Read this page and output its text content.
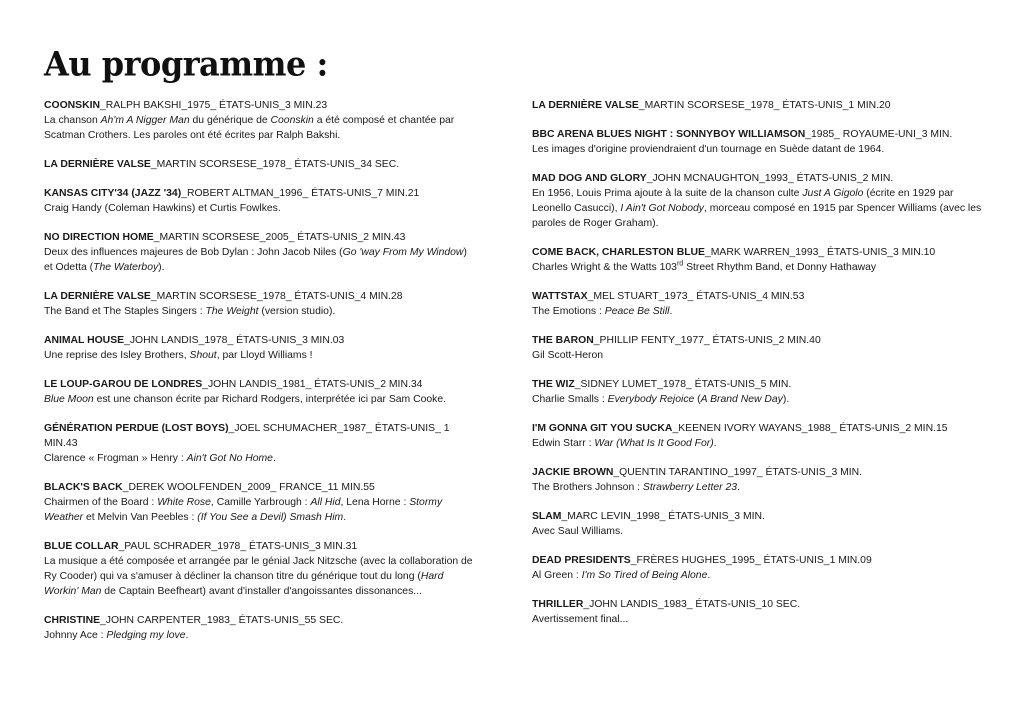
Au programme :
COONSKIN_RALPH BAKSHI_1975_ ÉTATS-UNIS_3 MIN.23
La chanson Ah'm A Nigger Man du générique de Coonskin a été composé et chantée par Scatman Crothers. Les paroles ont été écrites par Ralph Bakshi.
LA DERNIÈRE VALSE_MARTIN SCORSESE_1978_ ÉTATS-UNIS_34 SEC.
KANSAS CITY'34 (JAZZ '34)_ROBERT ALTMAN_1996_ ÉTATS-UNIS_7 MIN.21
Craig Handy (Coleman Hawkins) et Curtis Fowlkes.
NO DIRECTION HOME_MARTIN SCORSESE_2005_ ÉTATS-UNIS_2 MIN.43
Deux des influences majeures de Bob Dylan : John Jacob Niles (Go 'way From My Window) et Odetta (The Waterboy).
LA DERNIÈRE VALSE_MARTIN SCORSESE_1978_ ÉTATS-UNIS_4 MIN.28
The Band et The Staples Singers : The Weight (version studio).
ANIMAL HOUSE_JOHN LANDIS_1978_ ÉTATS-UNIS_3 MIN.03
Une reprise des Isley Brothers, Shout, par Lloyd Williams !
LE LOUP-GAROU DE LONDRES_JOHN LANDIS_1981_ ÉTATS-UNIS_2 MIN.34
Blue Moon est une chanson écrite par Richard Rodgers, interprétée ici par Sam Cooke.
GÉNÉRATION PERDUE (LOST BOYS)_JOEL SCHUMACHER_1987_ ÉTATS-UNIS_ 1 MIN.43
Clarence « Frogman » Henry : Ain't Got No Home.
BLACK'S BACK_DEREK WOOLFENDEN_2009_ FRANCE_11 MIN.55
Chairmen of the Board : White Rose, Camille Yarbrough : All Hid, Lena Horne : Stormy Weather et Melvin Van Peebles : (If You See a Devil) Smash Him.
BLUE COLLAR_PAUL SCHRADER_1978_ ÉTATS-UNIS_3 MIN.31
La musique a été composée et arrangée par le génial Jack Nitzsche (avec la collaboration de Ry Cooder) qui va s'amuser à décliner la chanson titre du générique tout du long (Hard Workin' Man de Captain Beefheart) avant d'installer d'angoissantes dissonances...
CHRISTINE_JOHN CARPENTER_1983_ ÉTATS-UNIS_55 SEC.
Johnny Ace : Pledging my love.
LA DERNIÈRE VALSE_MARTIN SCORSESE_1978_ ÉTATS-UNIS_1 MIN.20
BBC ARENA BLUES NIGHT : SONNYBOY WILLIAMSON_1985_ ROYAUME-UNI_3 MIN.
Les images d'origine proviendraient d'un tournage en Suède datant de 1964.
MAD DOG AND GLORY_JOHN MCNAUGHTON_1993_ ÉTATS-UNIS_2 MIN.
En 1956, Louis Prima ajoute à la suite de la chanson culte Just A Gigolo (écrite en 1929 par Leonello Casucci), I Ain't Got Nobody, morceau composé en 1915 par Spencer Williams (avec les paroles de Roger Graham).
COME BACK, CHARLESTON BLUE_MARK WARREN_1993_ ÉTATS-UNIS_3 MIN.10
Charles Wright & the Watts 103rd Street Rhythm Band, et Donny Hathaway
WATTSTAX_MEL STUART_1973_ ÉTATS-UNIS_4 MIN.53
The Emotions : Peace Be Still.
THE BARON_PHILLIP FENTY_1977_ ÉTATS-UNIS_2 MIN.40
Gil Scott-Heron
THE WIZ_SIDNEY LUMET_1978_ ÉTATS-UNIS_5 MIN.
Charlie Smalls : Everybody Rejoice (A Brand New Day).
I'M GONNA GIT YOU SUCKA_KEENEN IVORY WAYANS_1988_ ÉTATS-UNIS_2 MIN.15
Edwin Starr : War (What Is It Good For).
JACKIE BROWN_QUENTIN TARANTINO_1997_ ÉTATS-UNIS_3 MIN.
The Brothers Johnson : Strawberry Letter 23.
SLAM_MARC LEVIN_1998_ ÉTATS-UNIS_3 MIN.
Avec Saul Williams.
DEAD PRESIDENTS_FRÈRES HUGHES_1995_ ÉTATS-UNIS_1 MIN.09
Al Green : I'm So Tired of Being Alone.
THRILLER_JOHN LANDIS_1983_ ÉTATS-UNIS_10 SEC.
Avertissement final...
